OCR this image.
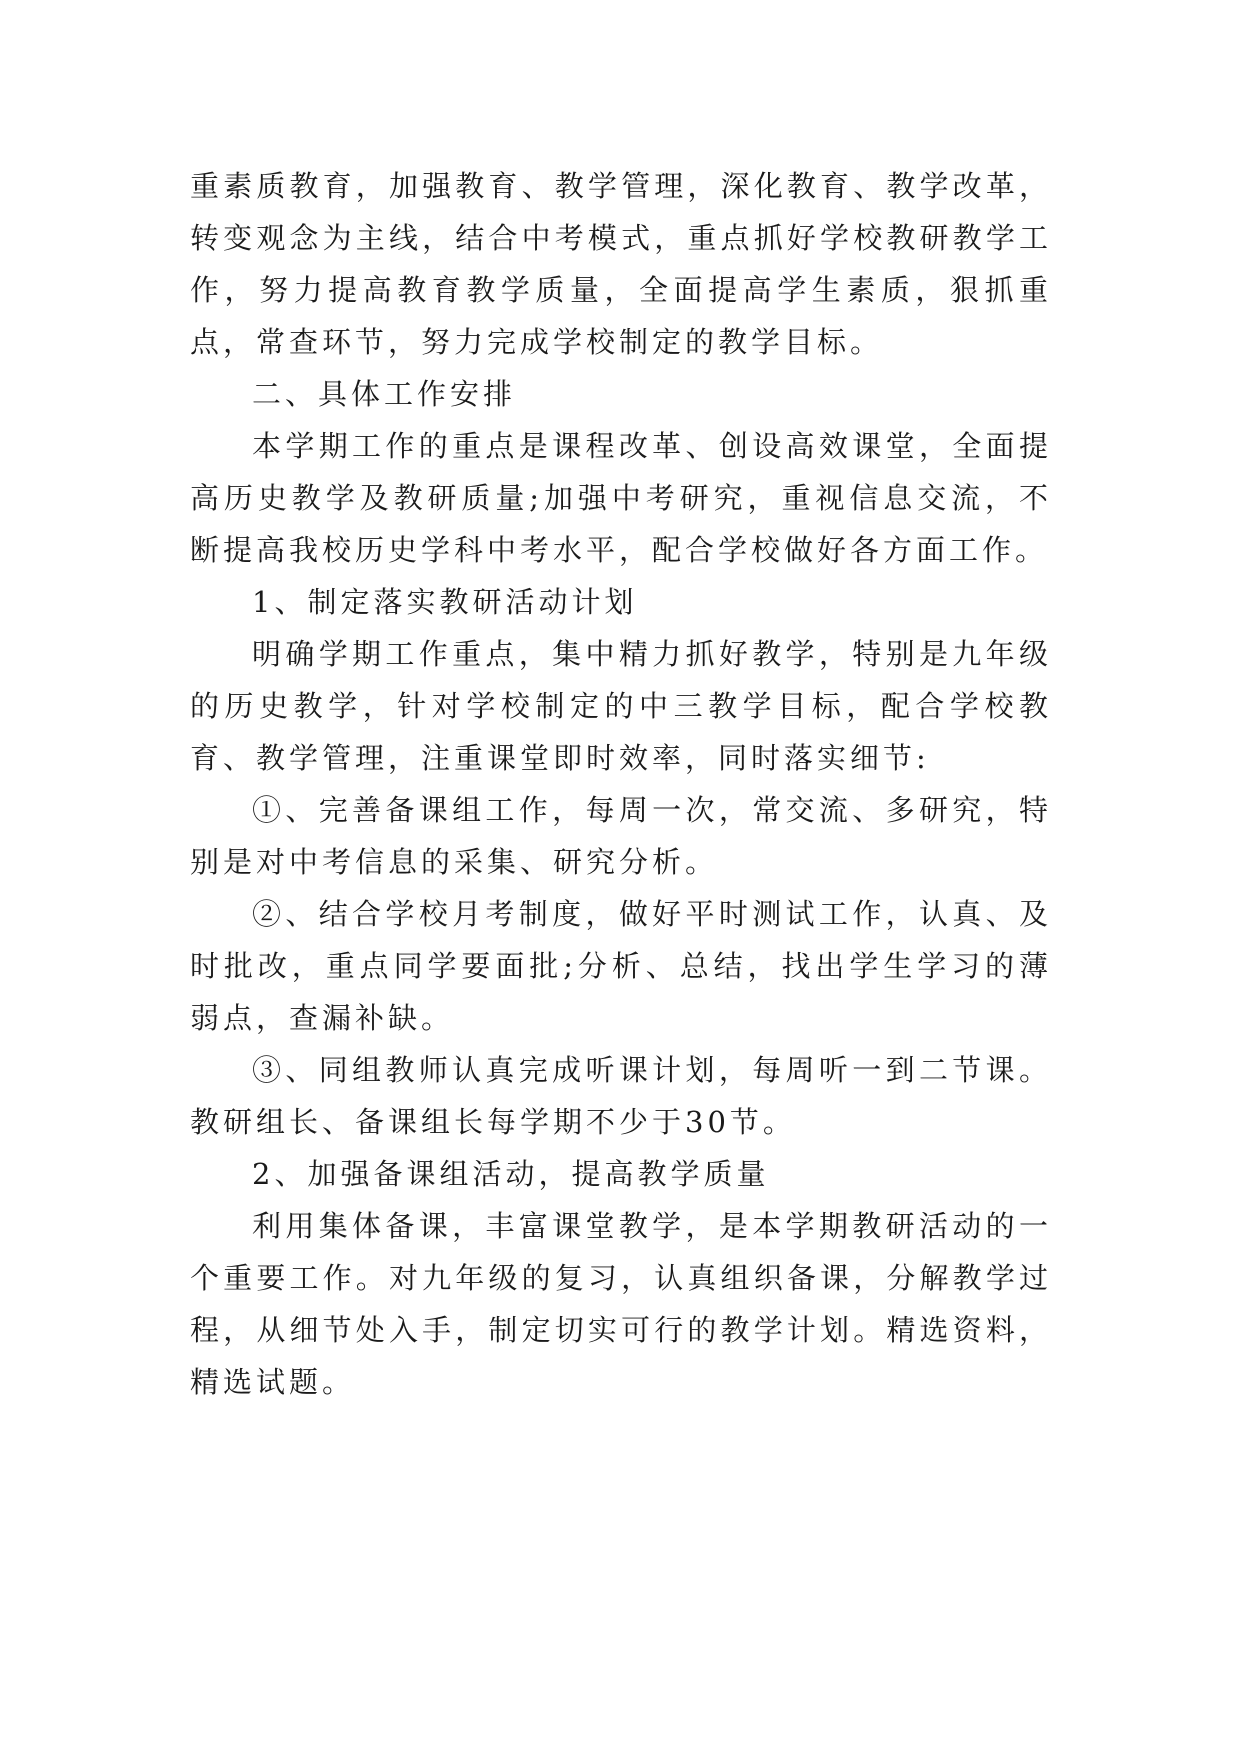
重素质教育，加强教育、教学管理，深化教育、教学改革，转变观念为主线，结合中考模式，重点抓好学校教研教学工作，努力提高教育教学质量，全面提高学生素质，狠抓重点，常查环节，努力完成学校制定的教学目标。

二、具体工作安排

本学期工作的重点是课程改革、创设高效课堂，全面提高历史教学及教研质量;加强中考研究，重视信息交流，不断提高我校历史学科中考水平，配合学校做好各方面工作。

1、制定落实教研活动计划

明确学期工作重点，集中精力抓好教学，特别是九年级的历史教学，针对学校制定的中三教学目标，配合学校教育、教学管理，注重课堂即时效率，同时落实细节:

①、完善备课组工作，每周一次，常交流、多研究，特别是对中考信息的采集、研究分析。

②、结合学校月考制度，做好平时测试工作，认真、及时批改，重点同学要面批;分析、总结，找出学生学习的薄弱点，查漏补缺。

③、同组教师认真完成听课计划，每周听一到二节课。教研组长、备课组长每学期不少于30节。

2、加强备课组活动，提高教学质量

利用集体备课，丰富课堂教学，是本学期教研活动的一个重要工作。对九年级的复习，认真组织备课，分解教学过程，从细节处入手，制定切实可行的教学计划。精选资料，精选试题。
